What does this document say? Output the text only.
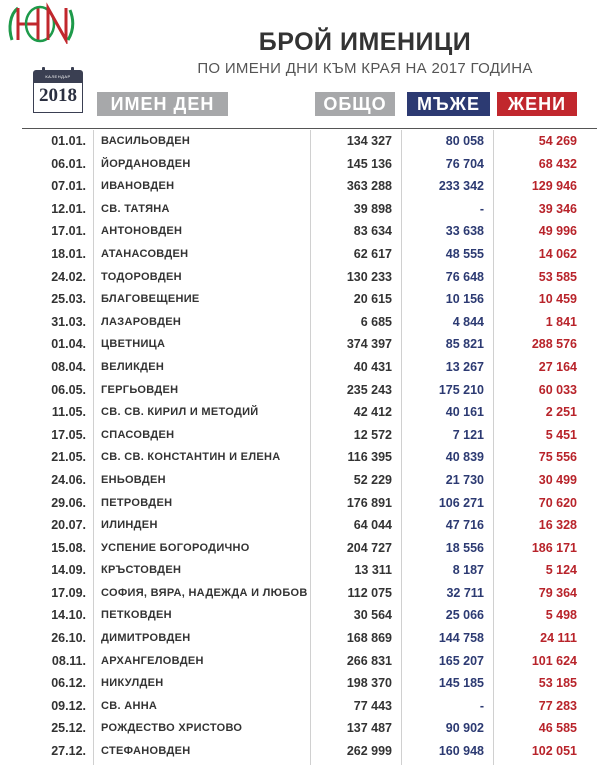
БРОЙ ИМЕНИЦИ
ПО ИМЕНИ ДНИ КЪМ КРАЯ НА 2017 ГОДИНА
КАЛЕНДАР
2018	ИМЕН ДЕН	ОБЩО	МЪЖЕ	ЖЕНИ
01.01. ВАСИЛЬОВДЕН	134 327	80 058	54 269
06.01. ЙОРДАНОВДЕН	145 136	76 704	68 432
07.01. ИВАНОВДЕН	363 288	233 342	129 946
12.01. СВ. ТАТЯНА	39 898	-	39 346
17.01. АНТОНОВДЕН	83 634	33 638	49 996
18.01. АТАНАСОВДЕН	62 617	48 555	14 062
24.02. ТОДОРОВДЕН	130 233	76 648	53 585
25.03. БЛАГОВЕЩЕНИЕ	20 615	10 156	10 459
31.03. ЛАЗАРОВДЕН	6 685	4 844	1 841
01.04. ЦВЕТНИЦА	374 397	85 821	288 576
08.04. ВЕЛИКДЕН	40 431	13 267	27 164
06.05. ГЕРГЬОВДЕН	235 243	175 210	60 033
11.05. СВ. СВ. КИРИЛ И МЕТОДИЙ	42 412	40 161	2 251
17.05. СПАСОВДЕН	12 572	7 121	5 451
21.05. СВ. СВ. КОНСТАНТИН И ЕЛЕНА	116 395	40 839	75 556
24.06. ЕНЬОВДЕН	52 229	21 730	30 499
29.06. ПЕТРОВДЕН	176 891	106 271	70 620
20.07. ИЛИНДЕН	64 044	47 716	16 328
15.08. УСПЕНИЕ БОГОРОДИЧНО	204 727	18 556	186 171
14.09. КРЪСТОВДЕН	13 311	8 187	5 124
17.09. СОФИЯ, ВЯРА, НАДЕЖДА И ЛЮБОВ	112 075	32 711	79 364
14.10. ПЕТКОВДЕН	30 564	25 066	5 498
26.10. ДИМИТРОВДЕН	168 869	144 758	24 111
08.11. АРХАНГЕЛОВДЕН	266 831	165 207	101 624
06.12. НИКУЛДЕН	198 370	145 185	53 185
09.12. СВ. АННА	77 443	-	77 283
25.12. РОЖДЕСТВО ХРИСТОВО	137 487	90 902	46 585
27.12. СТЕФАНОВДЕН	262 999	160 948	102 051
